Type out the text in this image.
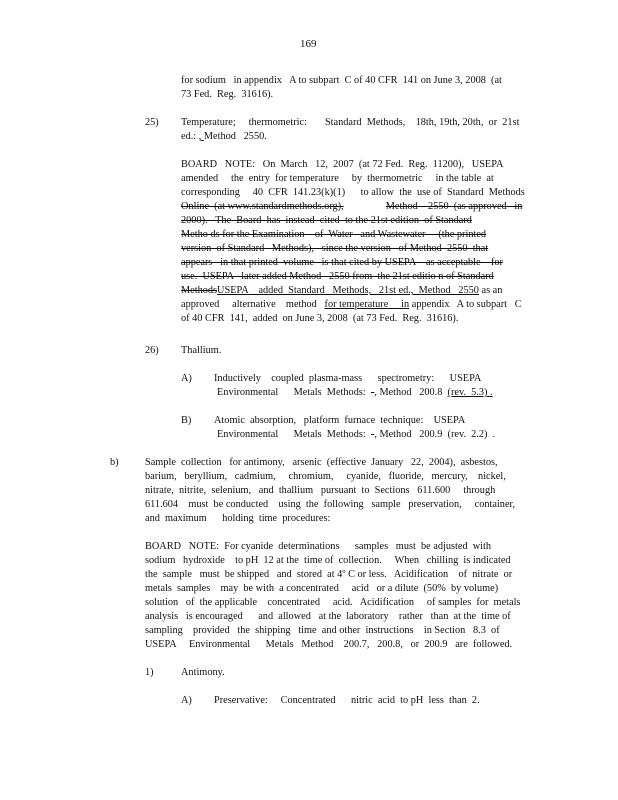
169
for sodium   in appendix   A to subpart  C of 40 CFR  141 on June 3, 2008  (at
73 Fed.  Reg.  31616).
25) Temperature;     thermometric:       Standard  Methods,    18th, 19th, 20th,  or  21st
ed.: , Method   2550.
BOARD   NOTE:   On  March   12,  2007  (at 72 Fed.  Reg.  11200),   USEPA
amended     the  entry  for temperature     by  thermometric     in the table  at
corresponding     40  CFR  141.23(k)(1)      to allow  the  use of  Standard  Methods
Online  (at www.standardmethods.org),	Method    2550  (as approved   in
2000).   The  Board  has  instead  cited  to the 21st edition  of Standard
Metho ds for the Examination    of  Water   and Wastewater     (the printed
version  of Standard   Methods),   since the version   of Method  2550  that
appears   in that printed  volume   is that cited by USEPA    as acceptable    for
use.  USEPA   later added Method   2550 from  the 21st editio n of Standard
MethodsUSEPA    added  Standard   Methods,   21st ed.,  Method   2550 as an
approved     alternative    method   for temperature     in appendix   A to subpart   C
of 40 CFR  141,  added  on June 3, 2008  (at 73 Fed.  Reg.  31616).
26) Thallium.
A) Inductively    coupled  plasma-mass      spectrometry:      USEPA
Environmental      Metals  Methods:  -, Method   200.8  (rev.  5.3) .
B) Atomic  absorption,   platform  furnace  technique:    USEPA
Environmental      Metals  Methods:  -, Method   200.9  (rev.  2.2)  .
b)	Sample  collection   for antimony,   arsenic  (effective  January   22,  2004),  asbestos,
barium,   beryllium,   cadmium,     chromium,     cyanide,   fluoride,   mercury,    nickel,
nitrate,  nitrite,  selenium,   and  thallium   pursuant  to  Sections   611.600     through
611.604    must  be conducted    using  the  following   sample   preservation,     container,
and  maximum      holding  time  procedures:
BOARD   NOTE:  For cyanide  determinations      samples   must  be adjusted  with
sodium   hydroxide    to pH  12 at the  time of  collection.     When   chilling  is indicated
the  sample   must  be shipped   and  stored  at 4º C or less.   Acidification    of  nitrate  or
metals  samples    may  be with  a concentrated     acid   or a dilute  (50%  by volume)
solution   of  the applicable    concentrated     acid.   Acidification     of samples  for  metals
analysis   is encouraged      and  allowed   at the  laboratory    rather   than  at the  time of
sampling    provided   the  shipping   time  and other  instructions    in Section   8.3  of
USEPA     Environmental      Metals   Method    200.7,   200.8,   or  200.9   are  followed.
1)	Antimony.
A) Preservative:     Concentrated      nitric  acid  to pH  less  than  2.
